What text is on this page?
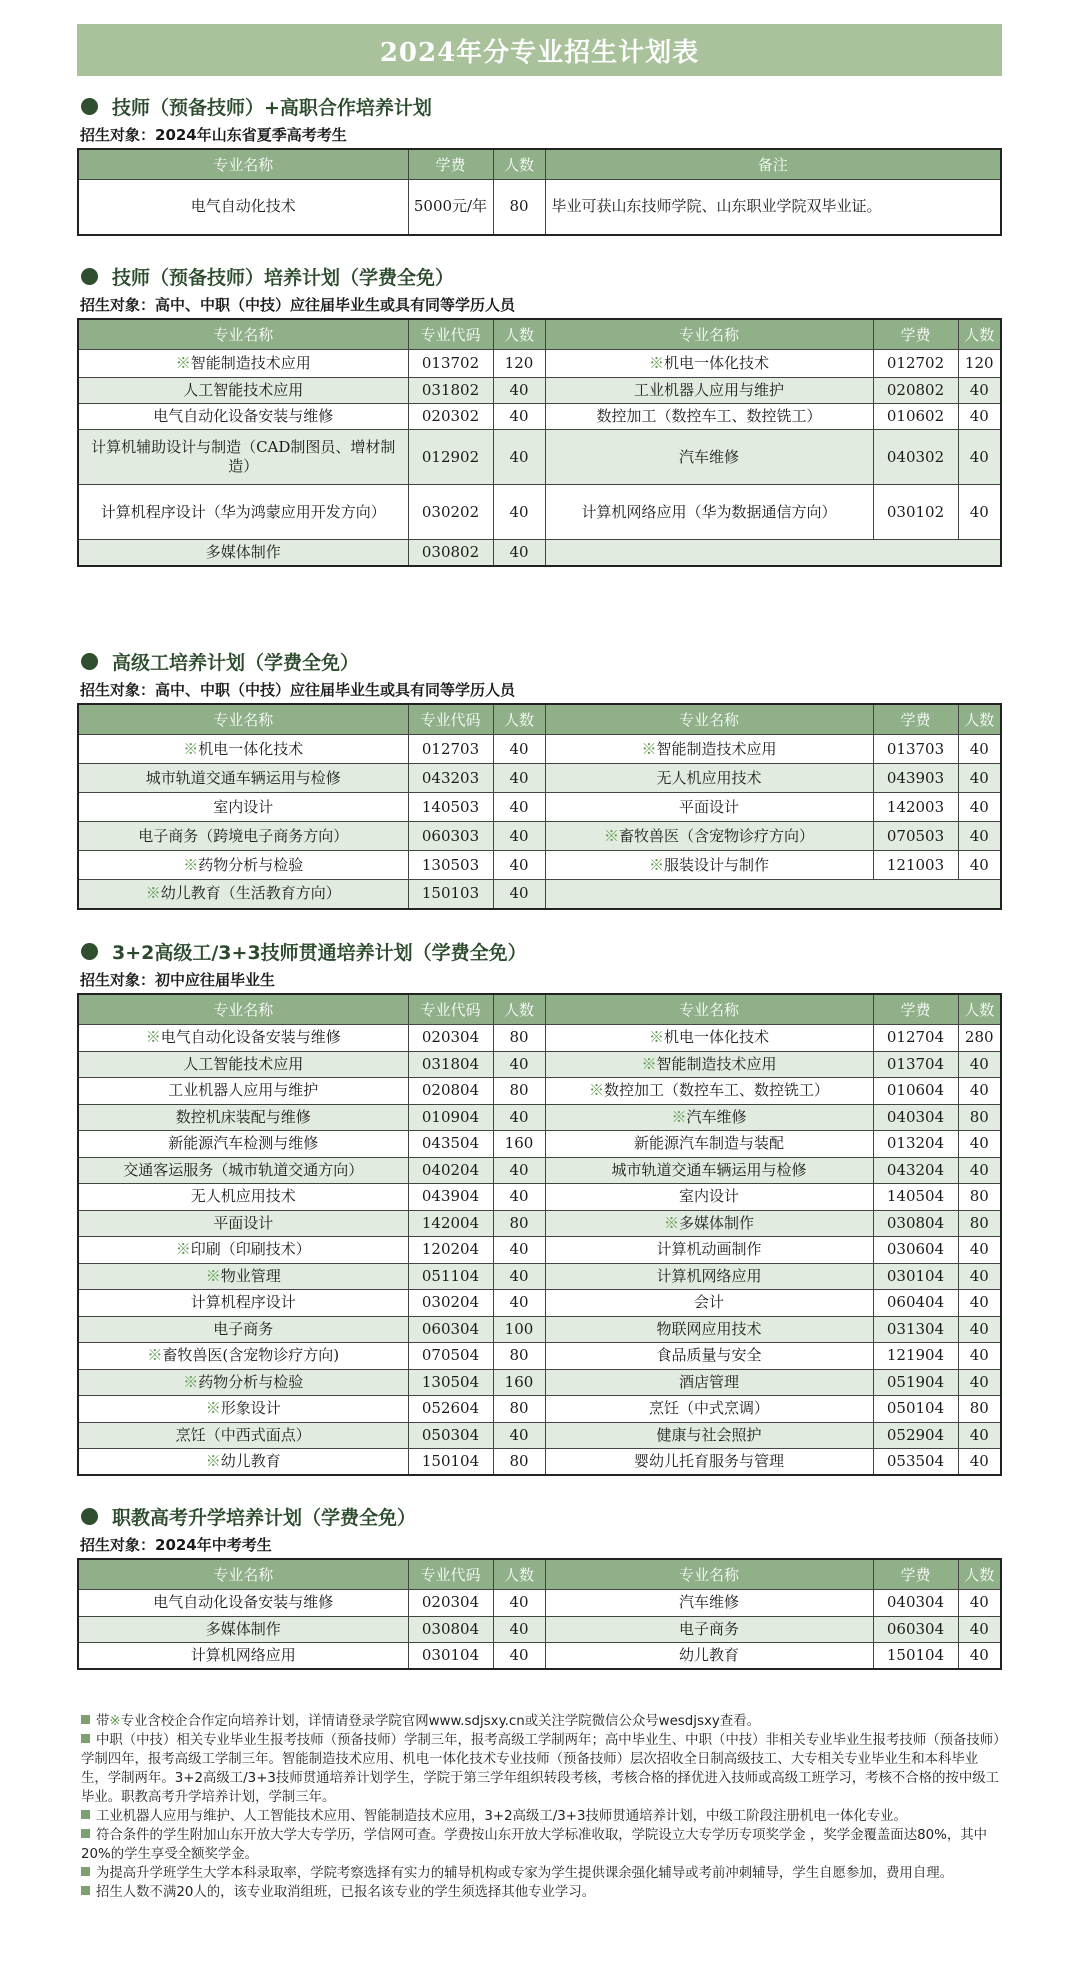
2024年分专业招生计划表
技师（预备技师）+高职合作培养计划
招生对象：2024年山东省夏季高考考生
专业名称	学费	人数	备注
电气自动化技术	5000元/年	80	毕业可获山东技师学院、山东职业学院双毕业证。
技师（预备技师）培养计划（学费全免）
招生对象：高中、中职（中技）应往届毕业生或具有同等学历人员
专业名称	专业代码	人数	专业名称	学费	人数
※智能制造技术应用	013702	120	※机电一体化技术	012702	120
人工智能技术应用	031802	40	工业机器人应用与维护	020802	40
电气自动化设备安装与维修	020302	40	数控加工（数控车工、数控铣工）	010602	40
计算机辅助设计与制造（CAD制图员、增材制造）	012902	40	汽车维修	040302	40
计算机程序设计（华为鸿蒙应用开发方向）	030202	40	计算机网络应用（华为数据通信方向）	030102	40
多媒体制作	030802	40			
高级工培养计划（学费全免）
招生对象：高中、中职（中技）应往届毕业生或具有同等学历人员
专业名称	专业代码	人数	专业名称	学费	人数
※机电一体化技术	012703	40	※智能制造技术应用	013703	40
城市轨道交通车辆运用与检修	043203	40	无人机应用技术	043903	40
室内设计	140503	40	平面设计	142003	40
电子商务（跨境电子商务方向）	060303	40	※畜牧兽医（含宠物诊疗方向）	070503	40
※药物分析与检验	130503	40	※服装设计与制作	121003	40
※幼儿教育（生活教育方向）	150103	40			
3+2高级工/3+3技师贯通培养计划（学费全免）
招生对象：初中应往届毕业生
专业名称	专业代码	人数	专业名称	学费	人数
※电气自动化设备安装与维修	020304	80	※机电一体化技术	012704	280
人工智能技术应用	031804	40	※智能制造技术应用	013704	40
工业机器人应用与维护	020804	80	※数控加工（数控车工、数控铣工）	010604	40
数控机床装配与维修	010904	40	※汽车维修	040304	80
新能源汽车检测与维修	043504	160	新能源汽车制造与装配	013204	40
交通客运服务（城市轨道交通方向）	040204	40	城市轨道交通车辆运用与检修	043204	40
无人机应用技术	043904	40	室内设计	140504	80
平面设计	142004	80	※多媒体制作	030804	80
※印刷（印刷技术）	120204	40	计算机动画制作	030604	40
※物业管理	051104	40	计算机网络应用	030104	40
计算机程序设计	030204	40	会计	060404	40
电子商务	060304	100	物联网应用技术	031304	40
※畜牧兽医(含宠物诊疗方向)	070504	80	食品质量与安全	121904	40
※药物分析与检验	130504	160	酒店管理	051904	40
※形象设计	052604	80	烹饪（中式烹调）	050104	80
烹饪（中西式面点）	050304	40	健康与社会照护	052904	40
※幼儿教育	150104	80	婴幼儿托育服务与管理	053504	40
职教高考升学培养计划（学费全免）
招生对象：2024年中考考生
专业名称	专业代码	人数	专业名称	学费	人数
电气自动化设备安装与维修	020304	40	汽车维修	040304	40
多媒体制作	030804	40	电子商务	060304	40
计算机网络应用	030104	40	幼儿教育	150104	40

带※专业含校企合作定向培养计划，详情请登录学院官网www.sdjsxy.cn或关注学院微信公众号wesdjsxy查看。

中职（中技）相关专业毕业生报考技师（预备技师）学制三年，报考高级工学制两年；高中毕业生、中职（中技）非相关专业毕业生报考技师（预备技师）学制四年，报考高级工学制三年。智能制造技术应用、机电一体化技术专业技师（预备技师）层次招收全日制高级技工、大专相关专业毕业生和本科毕业生，学制两年。3+2高级工/3+3技师贯通培养计划学生，学院于第三学年组织转段考核，考核合格的择优进入技师或高级工班学习，考核不合格的按中级工毕业。职教高考升学培养计划，学制三年。

工业机器人应用与维护、人工智能技术应用、智能制造技术应用，3+2高级工/3+3技师贯通培养计划，中级工阶段注册机电一体化专业。

符合条件的学生附加山东开放大学大专学历，学信网可查。学费按山东开放大学标准收取，学院设立大专学历专项奖学金 ，奖学金覆盖面达80%，其中20%的学生享受全额奖学金。

为提高升学班学生大学本科录取率，学院考察选择有实力的辅导机构或专家为学生提供课余强化辅导或考前冲刺辅导，学生自愿参加，费用自理。

招生人数不满20人的，该专业取消组班，已报名该专业的学生须选择其他专业学习。
